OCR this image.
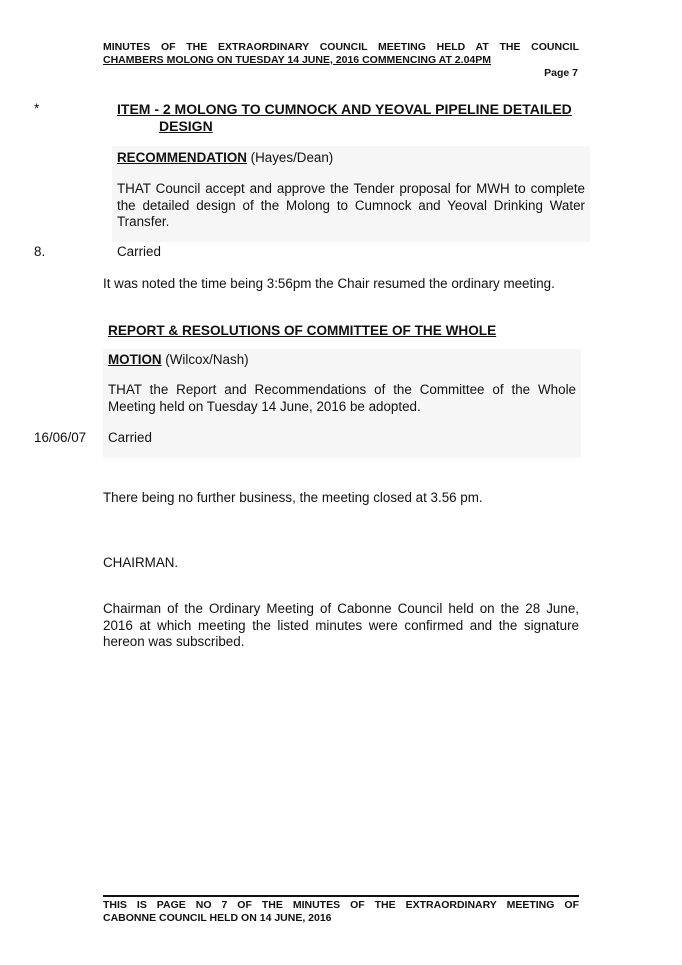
MINUTES OF THE EXTRAORDINARY COUNCIL MEETING HELD AT THE COUNCIL
CHAMBERS MOLONG ON TUESDAY 14 JUNE, 2016 COMMENCING AT 2.04PM
Page 7
*	ITEM - 2 MOLONG TO CUMNOCK AND YEOVAL PIPELINE DETAILED
DESIGN
RECOMMENDATION (Hayes/Dean)
THAT Council accept and approve the Tender proposal for MWH to complete the detailed design of the Molong to Cumnock and Yeoval Drinking Water Transfer.
8.	Carried
It was noted the time being 3:56pm the Chair resumed the ordinary meeting.
REPORT & RESOLUTIONS OF COMMITTEE OF THE WHOLE
MOTION (Wilcox/Nash)
THAT the Report and Recommendations of the Committee of the Whole Meeting held on Tuesday 14 June, 2016 be adopted.
16/06/07 Carried
There being no further business, the meeting closed at 3.56 pm.
CHAIRMAN.
Chairman of the Ordinary Meeting of Cabonne Council held on the 28 June, 2016 at which meeting the listed minutes were confirmed and the signature hereon was subscribed.
THIS IS PAGE NO 7 OF THE MINUTES OF THE EXTRAORDINARY MEETING OF
CABONNE COUNCIL HELD ON 14 JUNE, 2016
